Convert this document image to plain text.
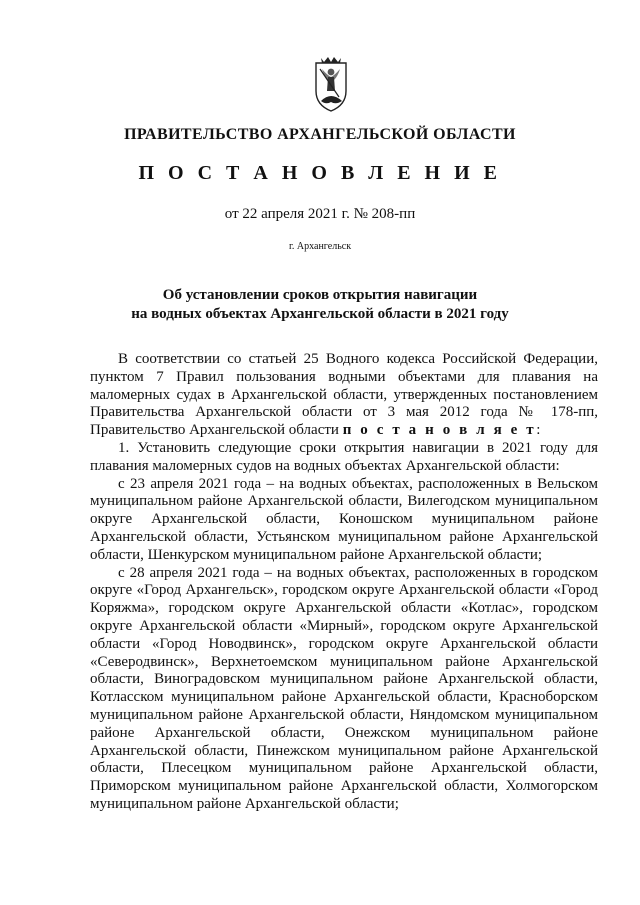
ПРАВИТЕЛЬСТВО АРХАНГЕЛЬСКОЙ ОБЛАСТИ
П О С Т А Н О В Л Е Н И Е
от 22 апреля 2021 г. № 208-пп
г. Архангельск
Об установлении сроков открытия навигации
на водных объектах Архангельской области в 2021 году

В соответствии со статьей 25 Водного кодекса Российской Федерации, пунктом 7 Правил пользования водными объектами для плавания на маломерных судах в Архангельской области, утвержденных постановлением Правительства Архангельской области от 3 мая 2012 года № 178-пп, Правительство Архангельской области п о с т а н о в л я е т:

1. Установить следующие сроки открытия навигации в 2021 году для плавания маломерных судов на водных объектах Архангельской области:

с 23 апреля 2021 года – на водных объектах, расположенных в Вельском муниципальном районе Архангельской области, Вилегодском муниципальном округе Архангельской области, Коношском муниципальном районе Архангельской области, Устьянском муниципальном районе Архангельской области, Шенкурском муниципальном районе Архангельской области;

с 28 апреля 2021 года – на водных объектах, расположенных в городском округе «Город Архангельск», городском округе Архангельской области «Город Коряжма», городском округе Архангельской области «Котлас», городском округе Архангельской области «Мирный», городском округе Архангельской области «Город Новодвинск», городском округе Архангельской области «Северодвинск», Верхнетоемском муниципальном районе Архангельской области, Виноградовском муниципальном районе Архангельской области, Котласском муниципальном районе Архангельской области, Красноборском муниципальном районе Архангельской области, Няндомском муниципальном районе Архангельской области, Онежском муниципальном районе Архангельской области, Пинежском муниципальном районе Архангельской области, Плесецком муниципальном районе Архангельской области, Приморском муниципальном районе Архангельской области, Холмогорском муниципальном районе Архангельской области;
